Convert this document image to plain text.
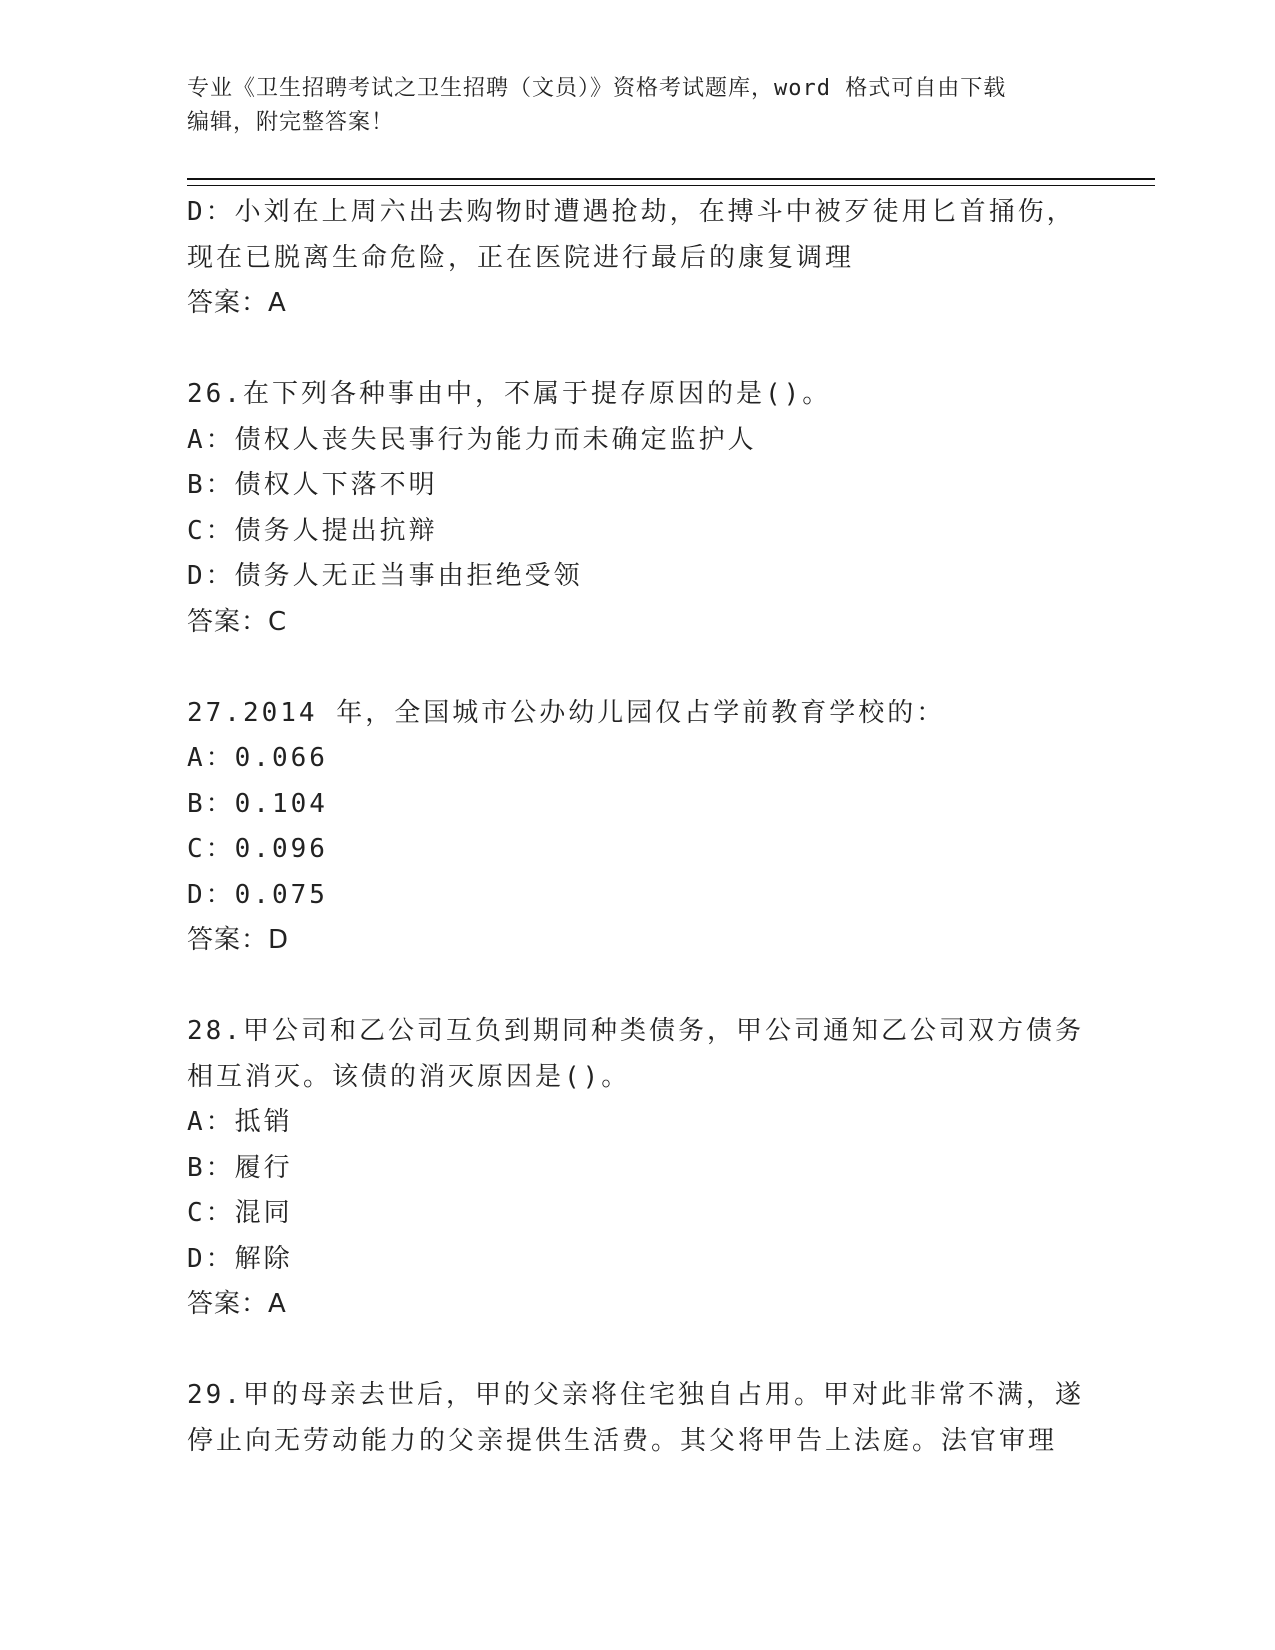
专业《卫生招聘考试之卫生招聘（文员）》资格考试题库，word 格式可自由下载
编辑，附完整答案！
D：小刘在上周六出去购物时遭遇抢劫，在搏斗中被歹徒用匕首捅伤，
现在已脱离生命危险，正在医院进行最后的康复调理
答案：A
26.在下列各种事由中，不属于提存原因的是()。
A：债权人丧失民事行为能力而未确定监护人
B：债权人下落不明
C：债务人提出抗辩
D：债务人无正当事由拒绝受领
答案：C
27.2014 年，全国城市公办幼儿园仅占学前教育学校的：
A：0.066
B：0.104
C：0.096
D：0.075
答案：D
28.甲公司和乙公司互负到期同种类债务，甲公司通知乙公司双方债务
相互消灭。该债的消灭原因是()。
A：抵销
B：履行
C：混同
D：解除
答案：A
29.甲的母亲去世后，甲的父亲将住宅独自占用。甲对此非常不满，遂
停止向无劳动能力的父亲提供生活费。其父将甲告上法庭。法官审理
